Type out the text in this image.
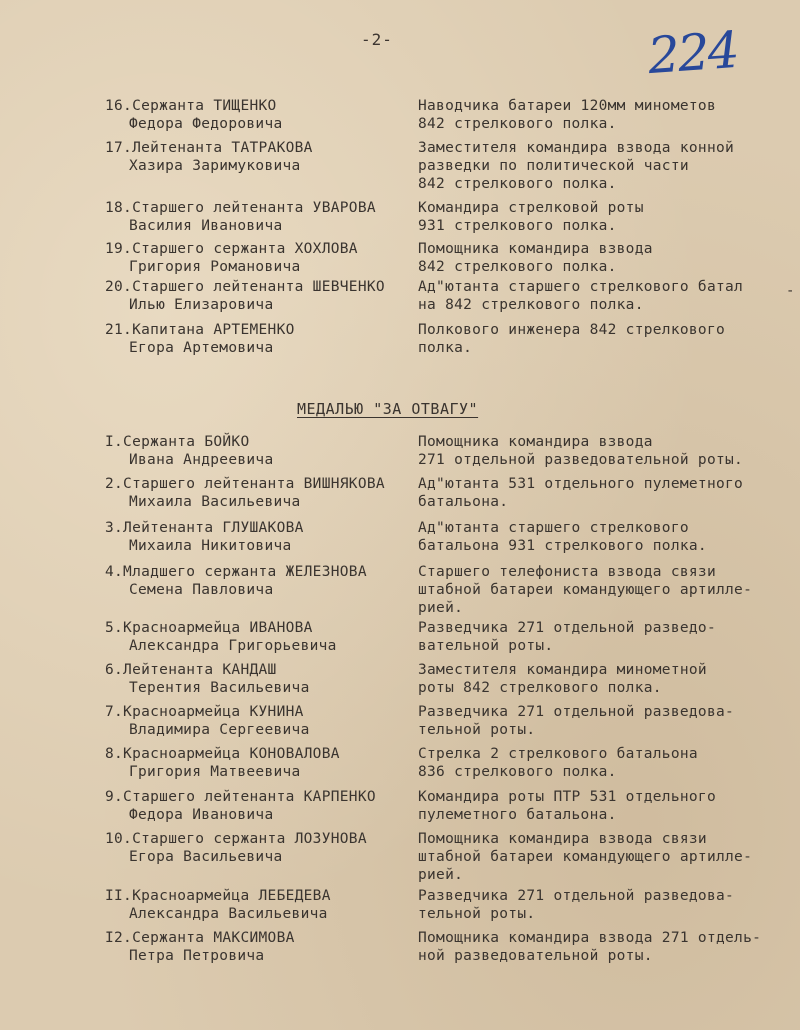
-2-	224
-
16.Сержанта ТИЩЕНКО
Федора Федоровича
Наводчика батареи 120мм минометов
842 стрелкового полка.
17.Лейтенанта ТАТРАКОВА
Хазира Заримуковича
Заместителя командира взвода конной
разведки по политической части
842 стрелкового полка.
18.Старшего лейтенанта УВАРОВА
Василия Ивановича
Командира стрелковой роты
931 стрелкового полка.
19.Старшего сержанта ХОХЛОВА
Григория Романовича
Помощника командира взвода
842 стрелкового полка.
20.Старшего лейтенанта ШЕВЧЕНКО
Илью Елизаровича
Ад"ютанта старшего стрелкового батал
на 842 стрелкового полка.
21.Капитана АРТЕМЕНКО
Егора Артемовича
Полкового инженера 842 стрелкового
полка.
МЕДАЛЬЮ "ЗА ОТВАГУ"
I.Сержанта БОЙКО
Ивана Андреевича
Помощника командира взвода
271 отдельной разведовательной роты.
2.Старшего лейтенанта ВИШНЯКОВА
Михаила Васильевича
Ад"ютанта 531 отдельного пулеметного
батальона.
3.Лейтенанта ГЛУШАКОВА
Михаила Никитовича
Ад"ютанта старшего стрелкового
батальона 931 стрелкового полка.
4.Младшего сержанта ЖЕЛЕЗНОВА
Семена Павловича
Старшего телефониста взвода связи
штабной батареи командующего артилле-
рией.
5.Красноармейца ИВАНОВА
Александра Григорьевича
Разведчика 271 отдельной разведо-
вательной роты.
6.Лейтенанта КАНДАШ
Терентия Васильевича
Заместителя командира минометной
роты 842 стрелкового полка.
7.Красноармейца КУНИНА
Владимира Сергеевича
Разведчика 271 отдельной разведова-
тельной роты.
8.Красноармейца КОНОВАЛОВА
Григория Матвеевича
Стрелка 2 стрелкового батальона
836 стрелкового полка.
9.Старшего лейтенанта КАРПЕНКО
Федора Ивановича
Командира роты ПТР 531 отдельного
пулеметного батальона.
10.Старшего сержанта ЛОЗУНОВА
Егора Васильевича
Помощника командира взвода связи
штабной батареи командующего артилле-
рией.
II.Красноармейца ЛЕБЕДЕВА
Александра Васильевича
Разведчика 271 отдельной разведова-
тельной роты.
I2.Сержанта МАКСИМОВА
Петра Петровича
Помощника командира взвода 271 отдель-
ной разведовательной роты.
